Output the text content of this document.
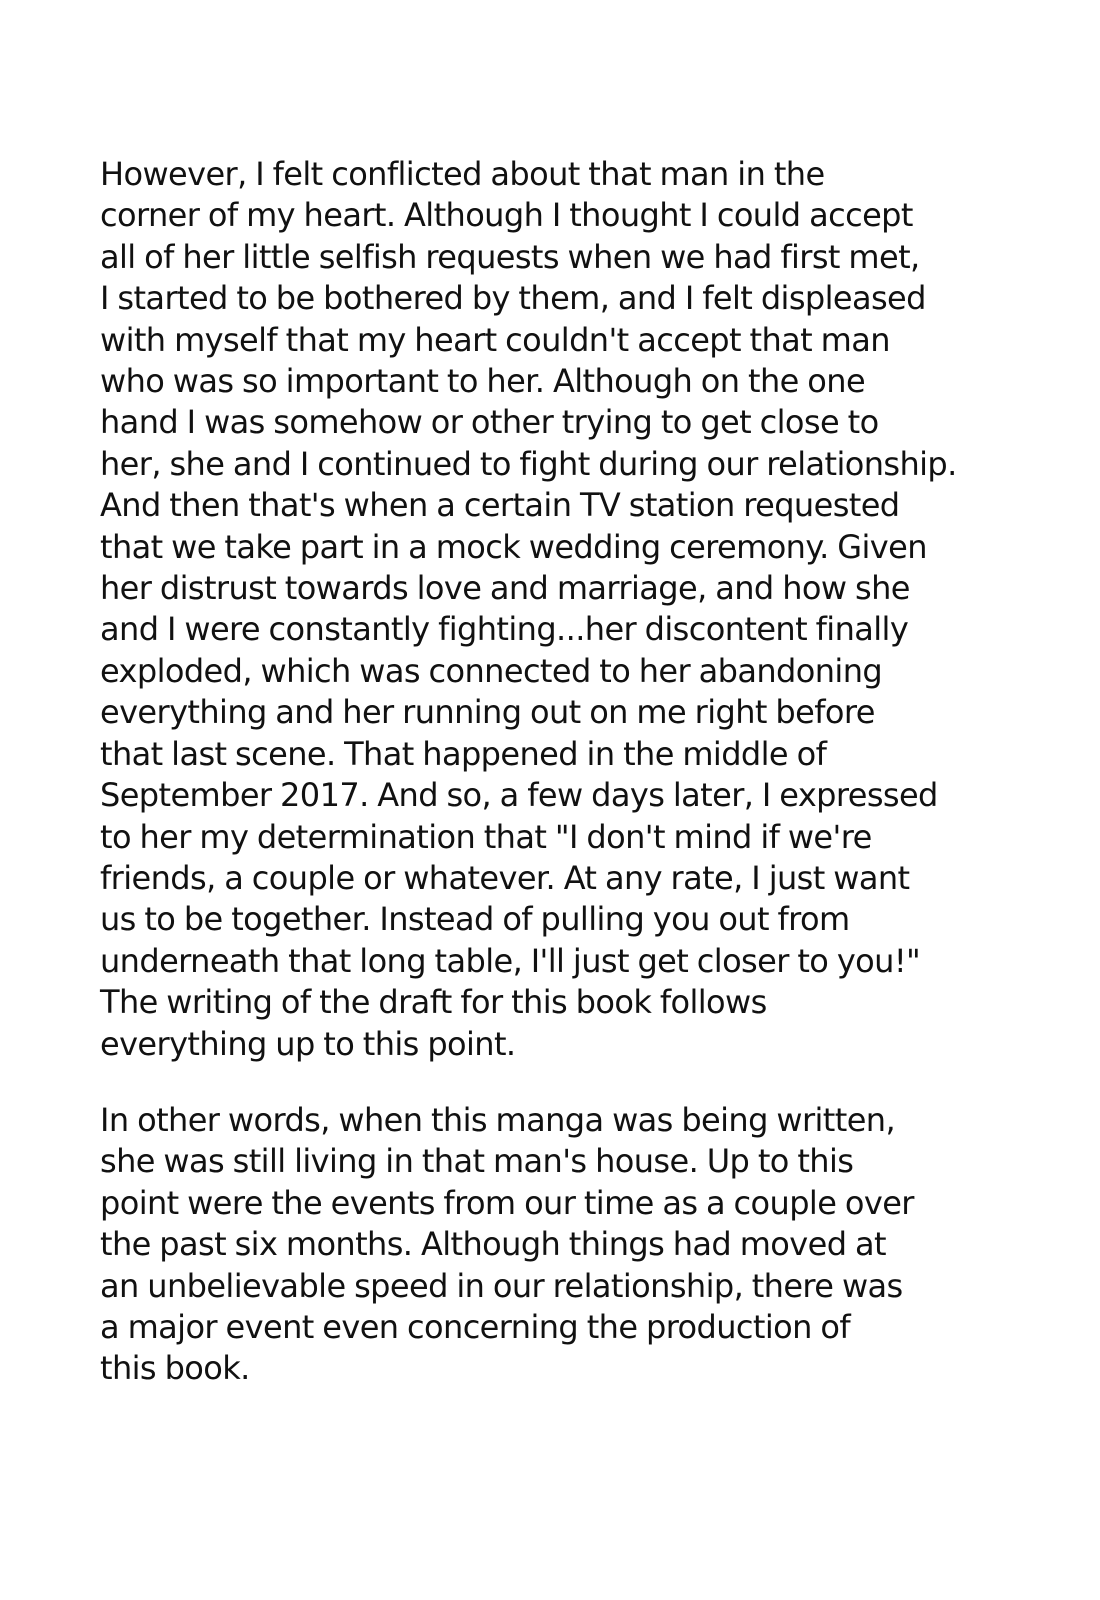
However, I felt conflicted about that man in the
corner of my heart. Although I thought I could accept
all of her little selfish requests when we had first met,
I started to be bothered by them, and I felt displeased
with myself that my heart couldn't accept that man
who was so important to her. Although on the one
hand I was somehow or other trying to get close to
her, she and I continued to fight during our relationship.
And then that's when a certain TV station requested
that we take part in a mock wedding ceremony. Given
her distrust towards love and marriage, and how she
and I were constantly fighting...her discontent finally
exploded, which was connected to her abandoning
everything and her running out on me right before
that last scene. That happened in the middle of
September 2017. And so, a few days later, I expressed
to her my determination that "I don't mind if we're
friends, a couple or whatever. At any rate, I just want
us to be together. Instead of pulling you out from
underneath that long table, I'll just get closer to you!"
The writing of the draft for this book follows
everything up to this point.
In other words, when this manga was being written,
she was still living in that man's house. Up to this
point were the events from our time as a couple over
the past six months. Although things had moved at
an unbelievable speed in our relationship, there was
a major event even concerning the production of
this book.
